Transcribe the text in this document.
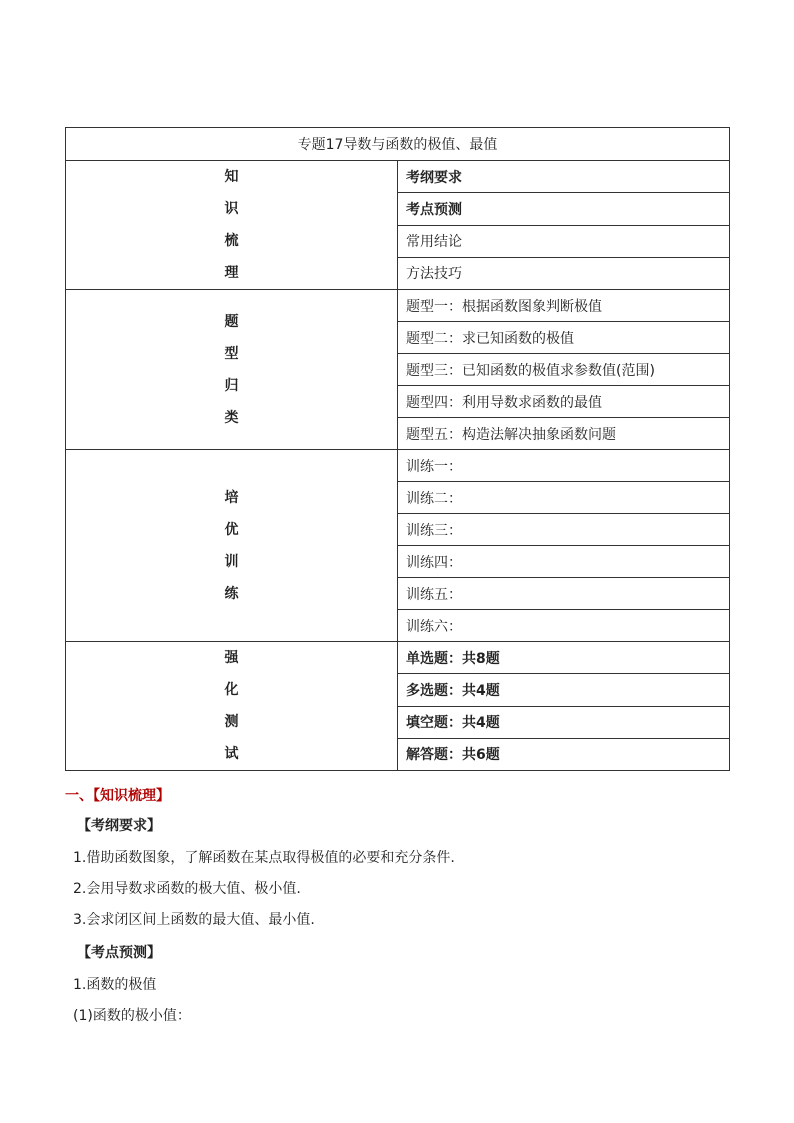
专题17导数与函数的极值、最值	

知
识
梳
理	考纲要求
	考点预测
	常用结论
	方法技巧

题
型
归
类	题型一：根据函数图象判断极值
	题型二：求已知函数的极值
	题型三：已知函数的极值求参数值(范围)
	题型四：利用导数求函数的最值
	题型五：构造法解决抽象函数问题

培
优
训
练	训练一：
	训练二：
	训练三：
	训练四：
	训练五：
	训练六：

强
化
测
试	单选题：共8题
	多选题：共4题
	填空题：共4题
	解答题：共6题
一、【知识梳理】
【考纲要求】
1.借助函数图象，了解函数在某点取得极值的必要和充分条件.
2.会用导数求函数的极大值、极小值.
3.会求闭区间上函数的最大值、最小值.
【考点预测】
1.函数的极值
(1)函数的极小值：
